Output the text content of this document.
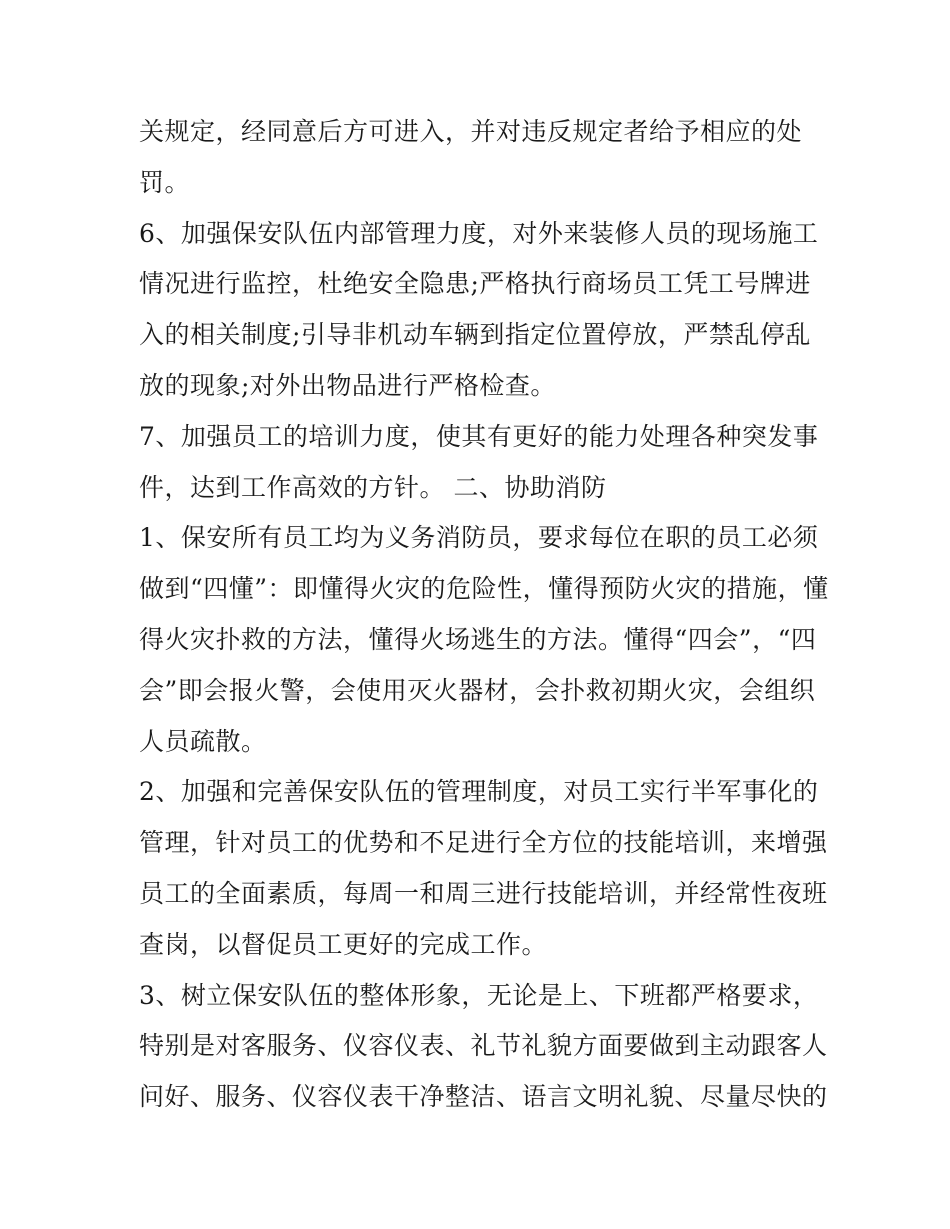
关规定，经同意后方可进入，并对违反规定者给予相应的处
罚。
6、加强保安队伍内部管理力度，对外来装修人员的现场施工
情况进行监控，杜绝安全隐患;严格执行商场员工凭工号牌进
入的相关制度;引导非机动车辆到指定位置停放，严禁乱停乱
放的现象;对外出物品进行严格检查。
7、加强员工的培训力度，使其有更好的能力处理各种突发事
件，达到工作高效的方针。 二、协助消防
1、保安所有员工均为义务消防员，要求每位在职的员工必须
做到“四懂”：即懂得火灾的危险性，懂得预防火灾的措施，懂
得火灾扑救的方法，懂得火场逃生的方法。懂得“四会”，“四
会”即会报火警，会使用灭火器材，会扑救初期火灾，会组织
人员疏散。
2、加强和完善保安队伍的管理制度，对员工实行半军事化的
管理，针对员工的优势和不足进行全方位的技能培训，来增强
员工的全面素质，每周一和周三进行技能培训，并经常性夜班
查岗，以督促员工更好的完成工作。
3、树立保安队伍的整体形象，无论是上、下班都严格要求，
特别是对客服务、仪容仪表、礼节礼貌方面要做到主动跟客人
问好、服务、仪容仪表干净整洁、语言文明礼貌、尽量尽快的
